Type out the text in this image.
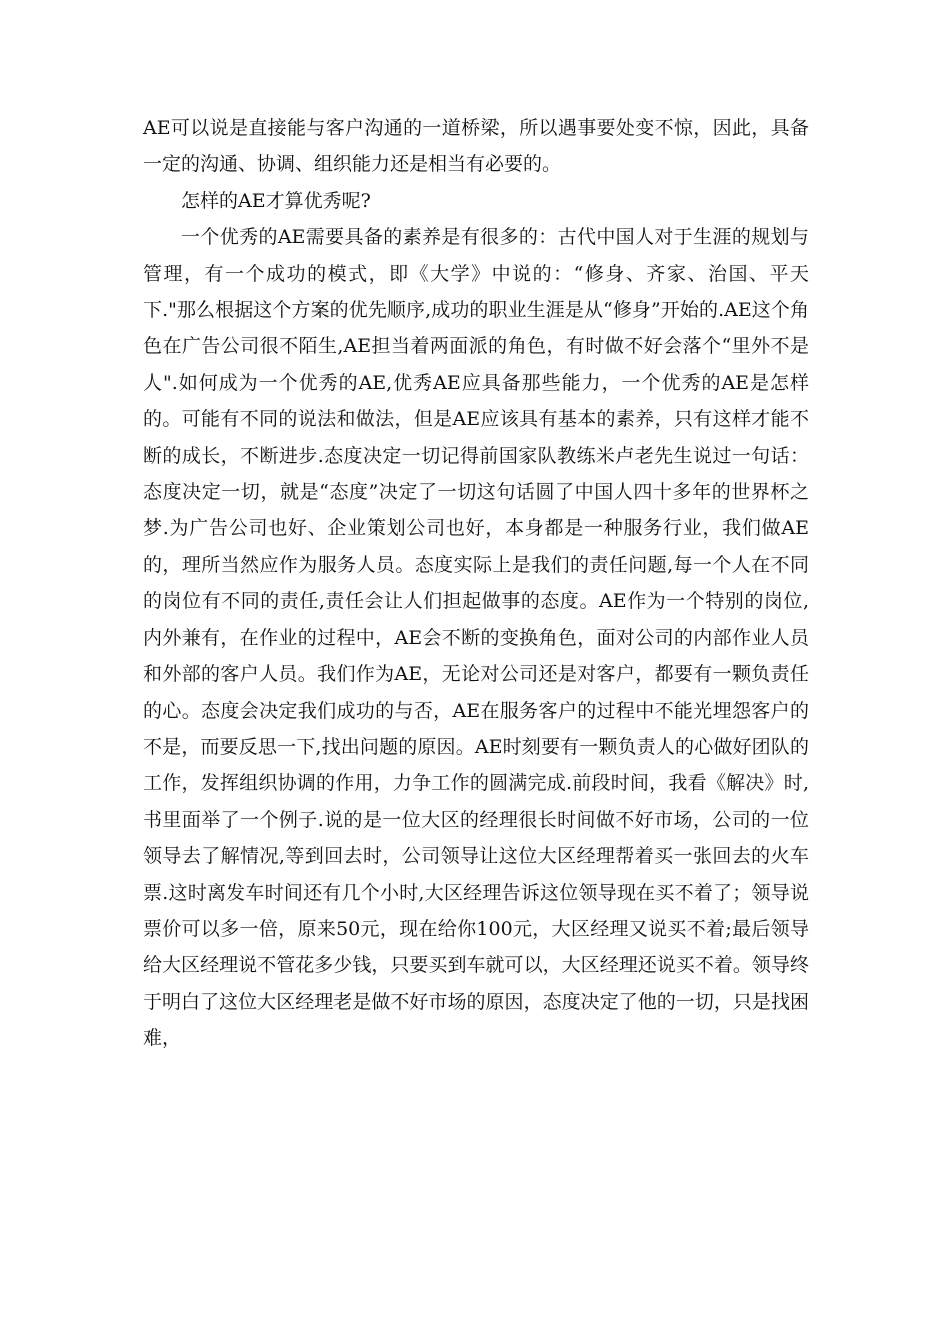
AE可以说是直接能与客户沟通的一道桥梁，所以遇事要处变不惊，因此，具备一定的沟通、协调、组织能力还是相当有必要的。

怎样的AE才算优秀呢?

一个优秀的AE需要具备的素养是有很多的：古代中国人对于生涯的规划与管理，有一个成功的模式，即《大学》中说的：“修身、齐家、治国、平天下."那么根据这个方案的优先顺序,成功的职业生涯是从“修身”开始的.AE这个角色在广告公司很不陌生,AE担当着两面派的角色，有时做不好会落个“里外不是人".如何成为一个优秀的AE,优秀AE应具备那些能力，一个优秀的AE是怎样的。可能有不同的说法和做法，但是AE应该具有基本的素养，只有这样才能不断的成长，不断进步.态度决定一切记得前国家队教练米卢老先生说过一句话：态度决定一切，就是“态度”决定了一切这句话圆了中国人四十多年的世界杯之梦.为广告公司也好、企业策划公司也好，本身都是一种服务行业，我们做AE的，理所当然应作为服务人员。态度实际上是我们的责任问题,每一个人在不同的岗位有不同的责任,责任会让人们担起做事的态度。AE作为一个特别的岗位,内外兼有，在作业的过程中，AE会不断的变换角色，面对公司的内部作业人员和外部的客户人员。我们作为AE，无论对公司还是对客户，都要有一颗负责任的心。态度会决定我们成功的与否，AE在服务客户的过程中不能光埋怨客户的不是，而要反思一下,找出问题的原因。AE时刻要有一颗负责人的心做好团队的工作，发挥组织协调的作用，力争工作的圆满完成.前段时间，我看《解决》时,书里面举了一个例子.说的是一位大区的经理很长时间做不好市场，公司的一位领导去了解情况,等到回去时，公司领导让这位大区经理帮着买一张回去的火车票.这时离发车时间还有几个小时,大区经理告诉这位领导现在买不着了；领导说票价可以多一倍，原来50元，现在给你100元，大区经理又说买不着;最后领导给大区经理说不管花多少钱，只要买到车就可以，大区经理还说买不着。领导终于明白了这位大区经理老是做不好市场的原因，态度决定了他的一切，只是找困难，
